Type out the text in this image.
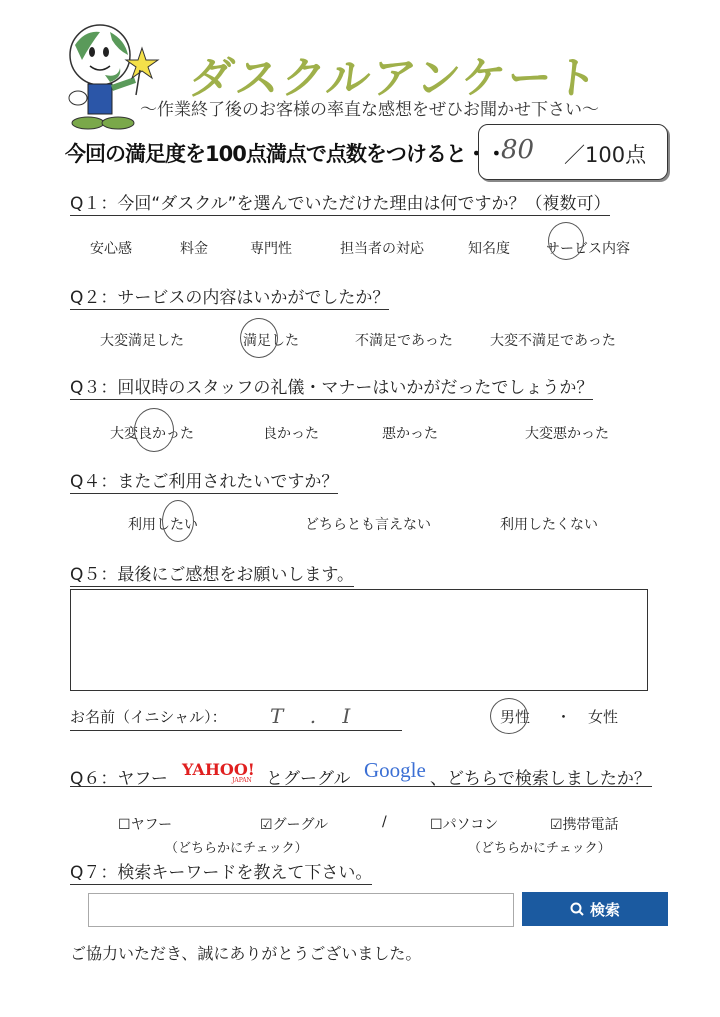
ダスクルアンケート
〜作業終了後のお客様の率直な感想をぜひお聞かせ下さい〜
今回の満足度を100点満点で点数をつけると・・
80 ／100点
Q１：今回“ダスクル”を選んでいただけた理由は何ですか？（複数可）
安心感	料金	専門性	担当者の対応	知名度	サービス内容
Q２：サービスの内容はいかがでしたか？
大変満足した	満足した	不満足であった	大変不満足であった
Q３：回収時のスタッフの礼儀・マナーはいかがだったでしょうか？
大変良かった	良かった	悪かった	大変悪かった
Q４：またご利用されたいですか？
利用したい	どちらとも言えない	利用したくない
Q５：最後にご感想をお願いします。
お名前（イニシャル）： T . I	男性 ・ 女性
Q６：ヤフー YAHOO!
JAPAN とグーグル Google 、どちらで検索しましたか？
☐ヤフー	☑グーグル	/	☐パソコン	☑携帯電話
（どちらかにチェック）	（どちらかにチェック）
Q７：検索キーワードを教えて下さい。
検索
ご協力いただき、誠にありがとうございました。
